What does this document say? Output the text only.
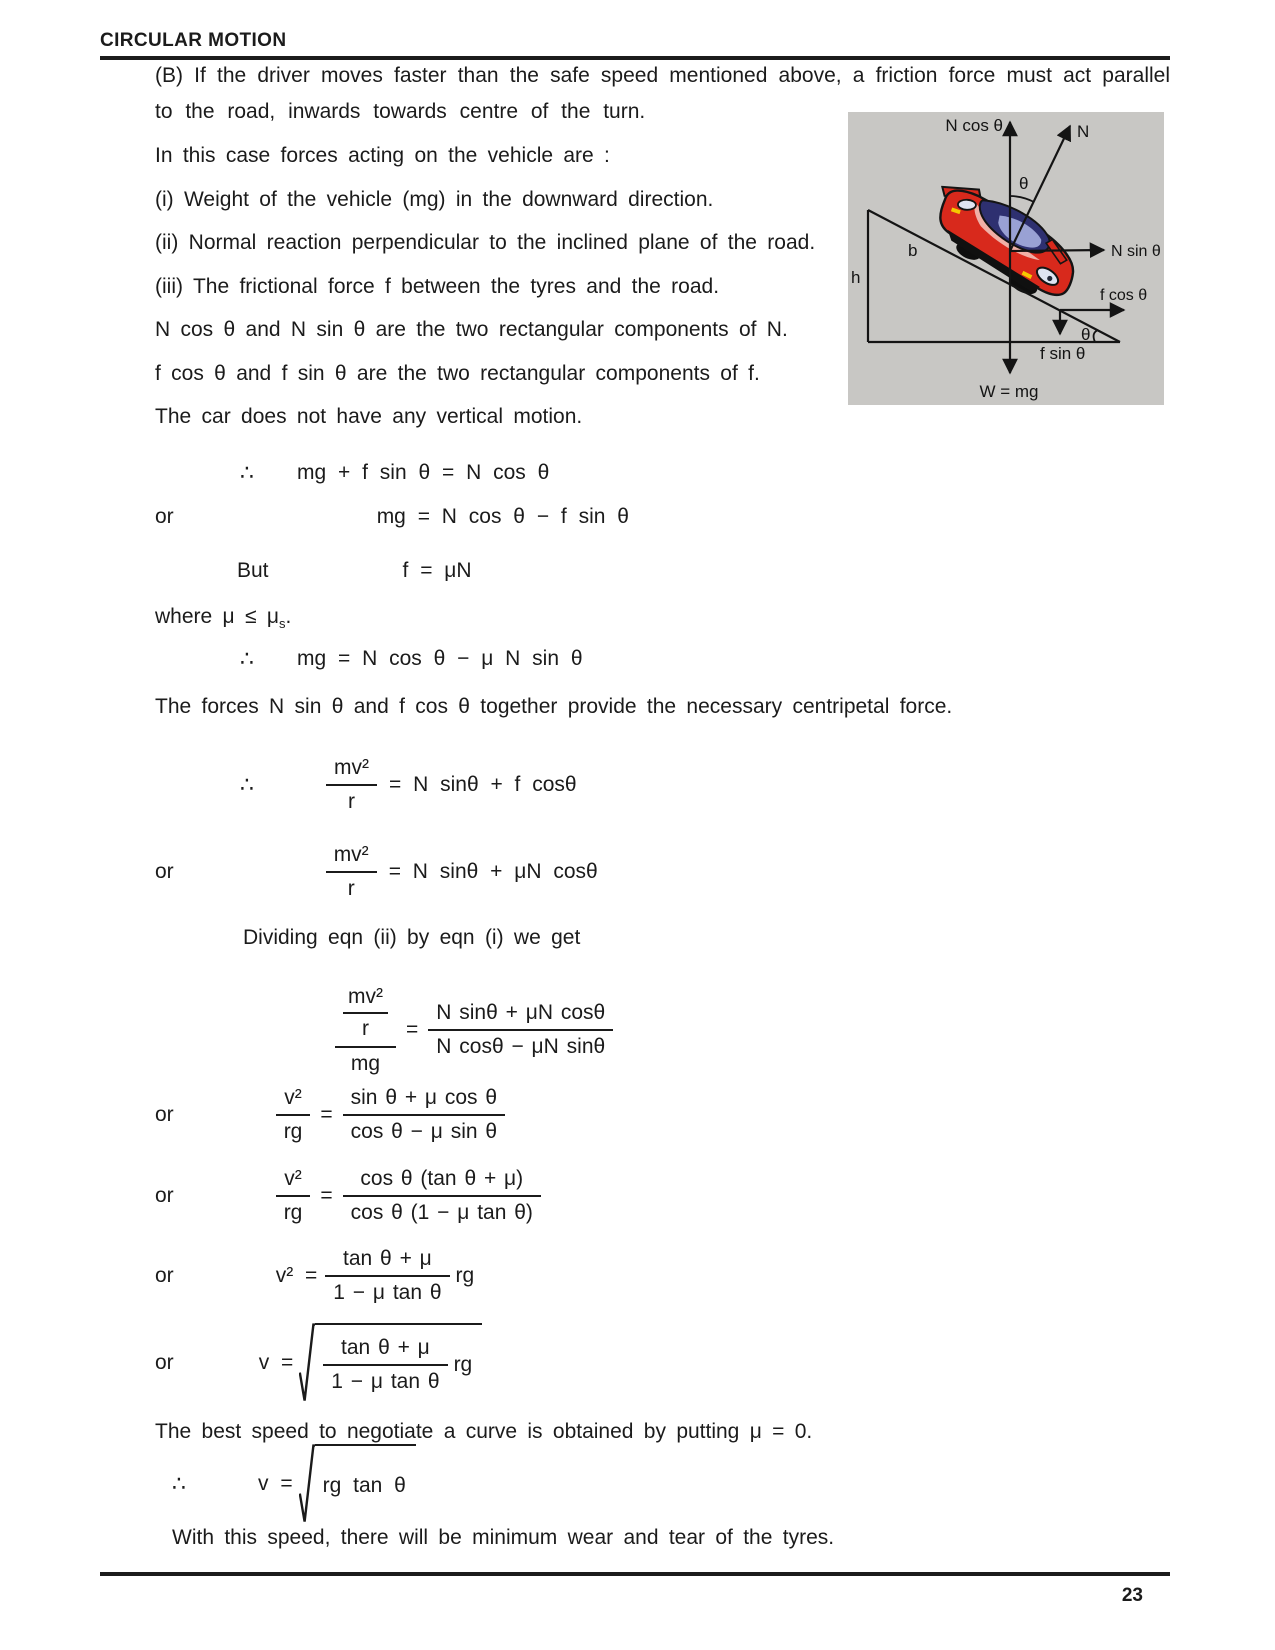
CIRCULAR MOTION
(B) If the driver moves faster than the safe speed mentioned above, a friction force must act parallel
to the road, inwards towards centre of the turn.
N cos θ	N
θ
b
h
N sin θ
f cos θ
θ
f sin θ
W = mg
In this case forces acting on the vehicle are :
(i) Weight of the vehicle (mg) in the downward direction.
(ii) Normal reaction perpendicular to the inclined plane of the road.
(iii) The frictional force f between the tyres and the road.
N cos θ and N sin θ are the two rectangular components of N.
f cos θ and f sin θ are the two rectangular components of f.
The car does not have any vertical motion.
∴ mg + f sin θ = N cos θ
or	mg = N cos θ − f sin θ
But	f = μN
where $\mu \le \mu_s$.
∴ mg = N cos θ − μ N sin θ
The forces N sin θ and f cos θ together provide the necessary centripetal force.
∴	$\frac{\text{mv²}}{r} = N$ sinθ + f cosθ
or	$\frac{\text{mv²}}{r} = N$ sinθ + μN cosθ
Dividing eqn (ii) by eqn (i) we get
$\frac{\frac{\text{mv²}}{r}}{mg} = \frac{\text{N sinθ + μN cosθ}}{\text{N cosθ − μN sinθ}}$
or	$\frac{\text{v²}}{rg} = \frac{\text{sin θ + μ cos θ}}{\text{cos θ − μ sin θ}}$
or	$\frac{\text{v²}}{rg} = \frac{\text{cos θ (tan θ + μ)}}{\text{cos θ (1 − μ tan θ)}}$
or	$v^2 = \frac{\text{tan θ + μ}}{\text{1 − μ tan θ}}$ rg
or	$v = \frac{\text{tan θ + μ}}{\text{1 − μ tan θ}}$ rg
The best speed to negotiate a curve is obtained by putting μ = 0.
∴	v =	rg tan θ
With this speed, there will be minimum wear and tear of the tyres.
23
